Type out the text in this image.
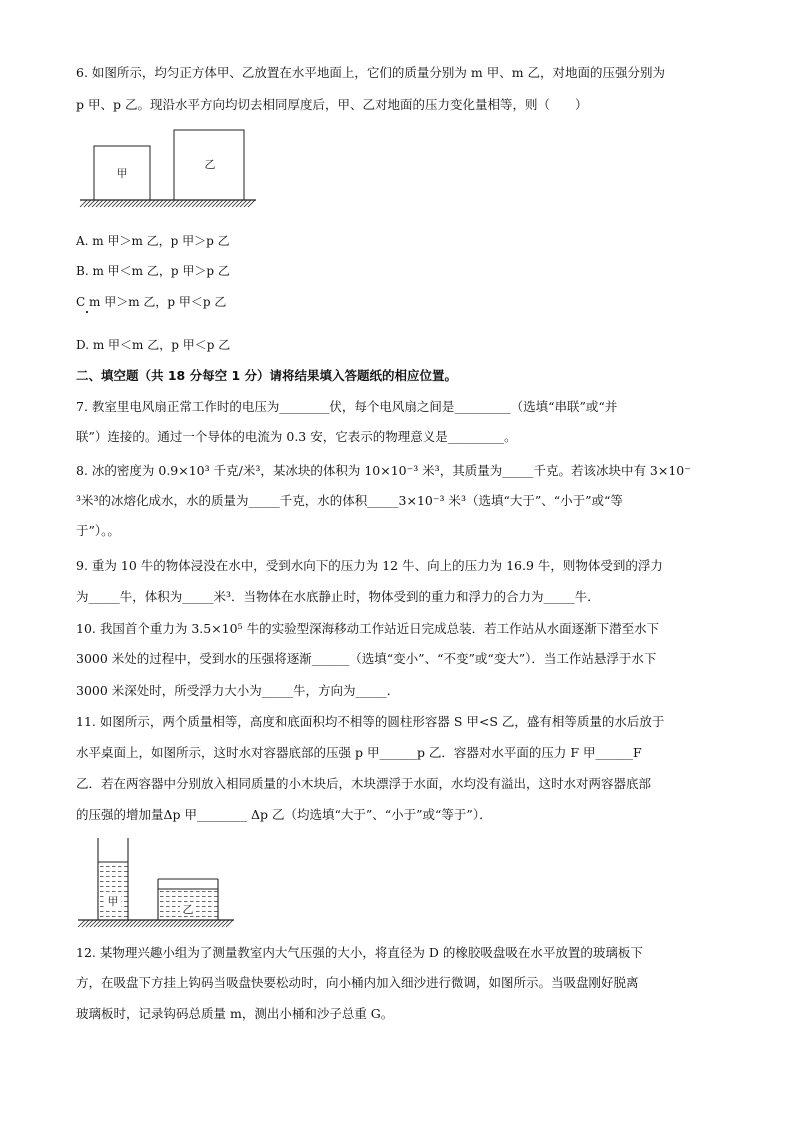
6. 如图所示，均匀正方体甲、乙放置在水平地面上，它们的质量分别为 m 甲、m 乙，对地面的压强分别为
p 甲、p 乙。现沿水平方向均切去相同厚度后，甲、乙对地面的压力变化量相等，则（　　）
甲
乙
A. m 甲＞m 乙，p 甲＞p 乙
B. m 甲＜m 乙，p 甲＞p 乙
C m 甲＞m 乙，p 甲＜p 乙
D. m 甲＜m 乙，p 甲＜p 乙
二、填空题（共 18 分每空 1 分）请将结果填入答题纸的相应位置。
7. 教室里电风扇正常工作时的电压为________伏，每个电风扇之间是_________（选填“串联”或“并
联”）连接的。通过一个导体的电流为 0.3 安，它表示的物理意义是_________。
8. 冰的密度为 0.9×10³ 千克/米³，某冰块的体积为 10×10⁻³ 米³，其质量为_____千克。若该冰块中有 3×10⁻
³米³的冰熔化成水，水的质量为_____千克，水的体积_____3×10⁻³ 米³（选填“大于”、“小于”或“等
于”）。。
9. 重为 10 牛的物体浸没在水中，受到水向下的压力为 12 牛、向上的压力为 16.9 牛，则物体受到的浮力
为_____牛，体积为_____米³．当物体在水底静止时，物体受到的重力和浮力的合力为_____牛．
10. 我国首个重力为 3.5×10⁵ 牛的实验型深海移动工作站近日完成总装．若工作站从水面逐渐下潜至水下
3000 米处的过程中，受到水的压强将逐渐______（选填“变小”、“不变”或“变大”）．当工作站悬浮于水下
3000 米深处时，所受浮力大小为_____牛，方向为_____．
11. 如图所示，两个质量相等，高度和底面积均不相等的圆柱形容器 S 甲<S 乙，盛有相等质量的水后放于
水平桌面上，如图所示，这时水对容器底部的压强 p 甲______p 乙．容器对水平面的压力 F 甲______F
乙．若在两容器中分别放入相同质量的小木块后，木块漂浮于水面，水均没有溢出，这时水对两容器底部
的压强的增加量Δp 甲________ Δp 乙（均选填“大于”、“小于”或“等于”）．
甲
乙
12. 某物理兴趣小组为了测量教室内大气压强的大小，将直径为 D 的橡胶吸盘吸在水平放置的玻璃板下
方，在吸盘下方挂上钩码当吸盘快要松动时，向小桶内加入细沙进行微调，如图所示。当吸盘刚好脱离
玻璃板时，记录钩码总质量 m，测出小桶和沙子总重 G。
